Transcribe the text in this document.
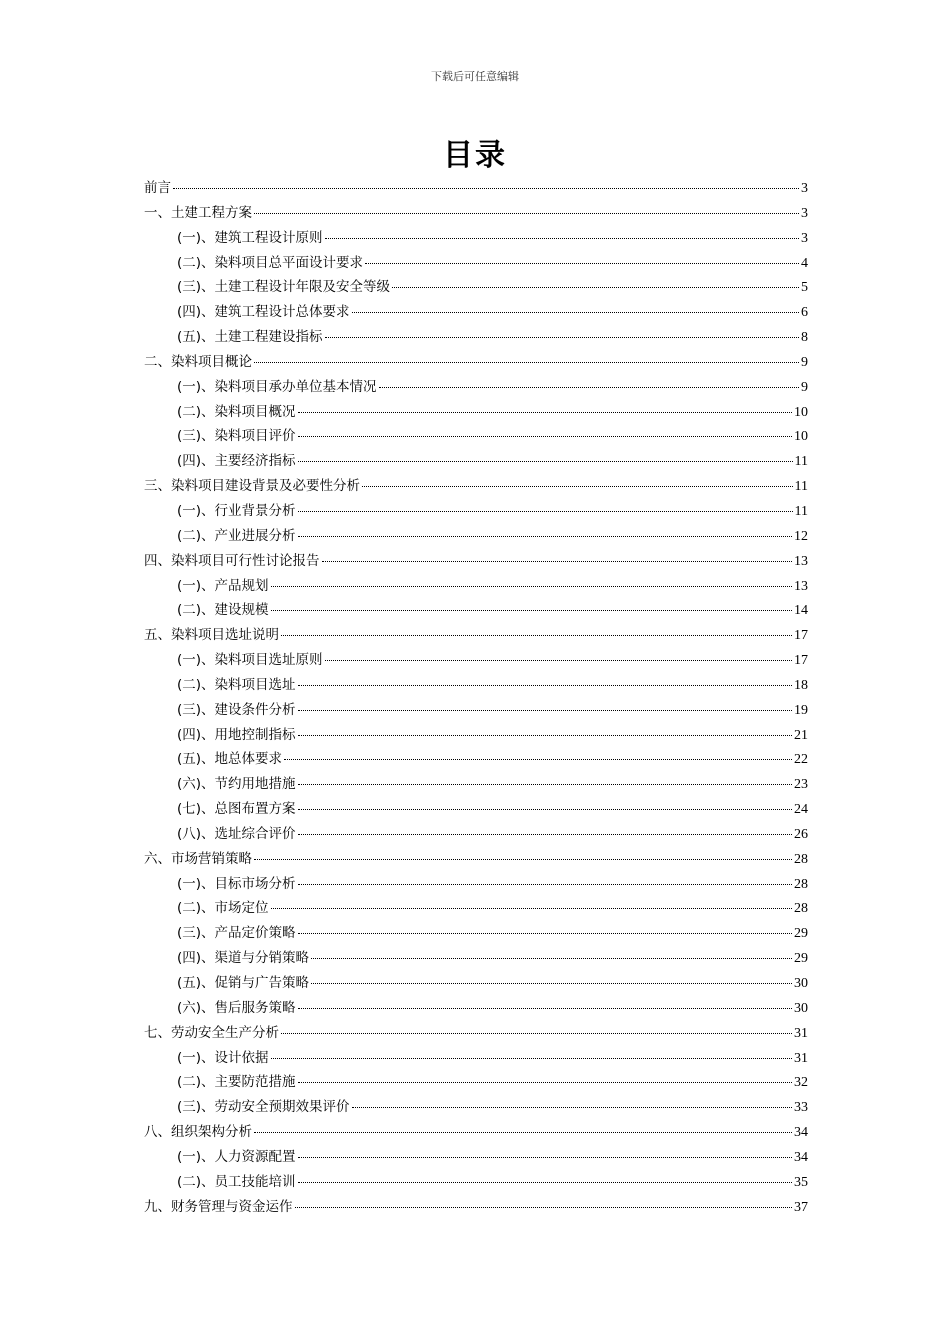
下载后可任意编辑
目录
前言	3
一、土建工程方案	3
(一)、建筑工程设计原则	3
(二)、染料项目总平面设计要求	4
(三)、土建工程设计年限及安全等级	5
(四)、建筑工程设计总体要求	6
(五)、土建工程建设指标	8
二、染料项目概论	9
(一)、染料项目承办单位基本情况	9
(二)、染料项目概况	10
(三)、染料项目评价	10
(四)、主要经济指标	11
三、染料项目建设背景及必要性分析	11
(一)、行业背景分析	11
(二)、产业进展分析	12
四、染料项目可行性讨论报告	13
(一)、产品规划	13
(二)、建设规模	14
五、染料项目选址说明	17
(一)、染料项目选址原则	17
(二)、染料项目选址	18
(三)、建设条件分析	19
(四)、用地控制指标	21
(五)、地总体要求	22
(六)、节约用地措施	23
(七)、总图布置方案	24
(八)、选址综合评价	26
六、市场营销策略	28
(一)、目标市场分析	28
(二)、市场定位	28
(三)、产品定价策略	29
(四)、渠道与分销策略	29
(五)、促销与广告策略	30
(六)、售后服务策略	30
七、劳动安全生产分析	31
(一)、设计依据	31
(二)、主要防范措施	32
(三)、劳动安全预期效果评价	33
八、组织架构分析	34
(一)、人力资源配置	34
(二)、员工技能培训	35
九、财务管理与资金运作	37
